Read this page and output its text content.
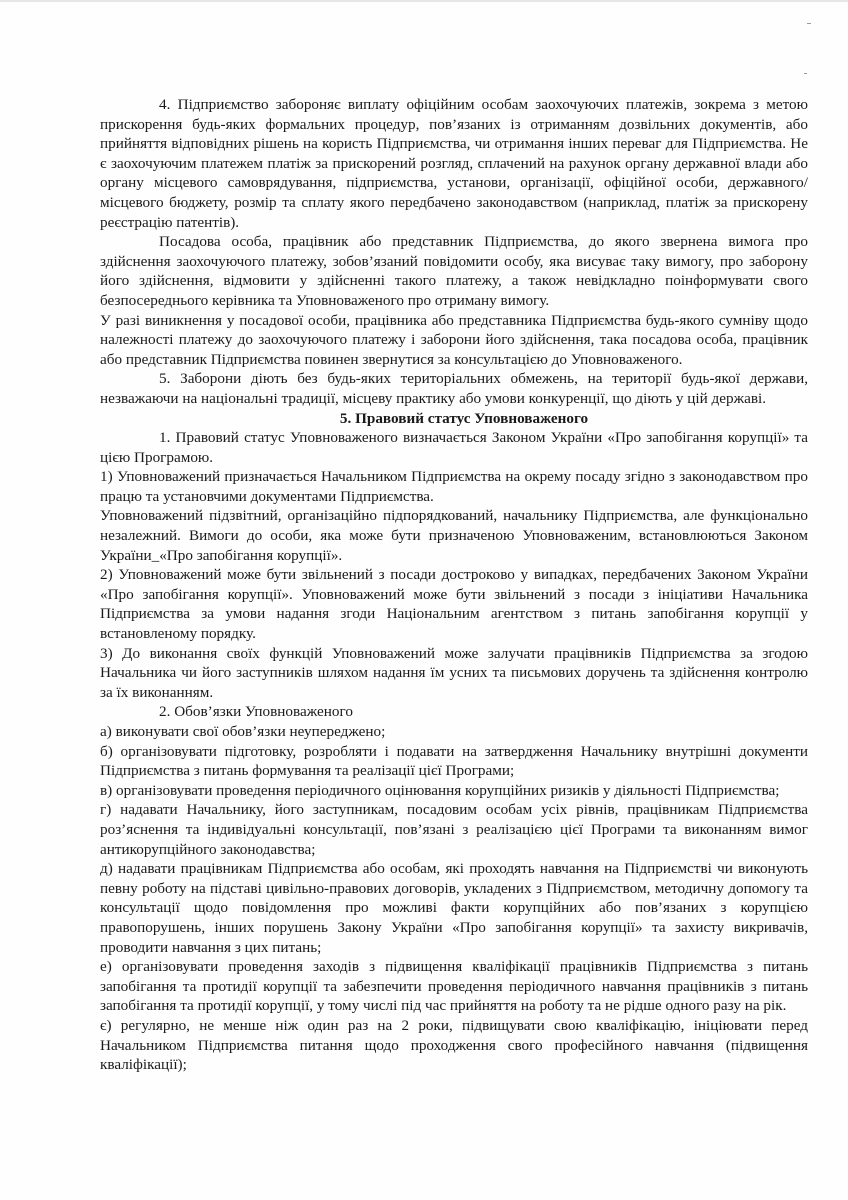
4. Підприємство забороняє виплату офіційним особам заохочуючих платежів, зокрема з метою прискорення будь-яких формальних процедур, пов’язаних із отриманням дозвільних документів, або прийняття відповідних рішень на користь Підприємства, чи отримання інших переваг для Підприємства. Не є заохочуючим платежем платіж за прискорений розгляд, сплачений на рахунок органу державної влади або органу місцевого самоврядування, підприємства, установи, організації, офіційної особи, державного/місцевого бюджету, розмір та сплату якого передбачено законодавством (наприклад, платіж за прискорену реєстрацію патентів).

Посадова особа, працівник або представник Підприємства, до якого звернена вимога про здійснення заохочуючого платежу, зобов’язаний повідомити особу, яка висуває таку вимогу, про заборону його здійснення, відмовити у здійсненні такого платежу, а також невідкладно поінформувати свого безпосереднього керівника та Уповноваженого про отриману вимогу.

У разі виникнення у посадової особи, працівника або представника Підприємства будь-якого сумніву щодо належності платежу до заохочуючого платежу і заборони його здійснення, така посадова особа, працівник або представник Підприємства повинен звернутися за консультацією до Уповноваженого.

5. Заборони діють без будь-яких територіальних обмежень, на території будь-якої держави, незважаючи на національні традиції, місцеву практику або умови конкуренції, що діють у цій державі.

5. Правовий статус Уповноваженого

1. Правовий статус Уповноваженого визначається Законом України «Про запобігання корупції» та цією Програмою.

1) Уповноважений призначається Начальником Підприємства на окрему посаду згідно з законодавством про працю та установчими документами Підприємства.

Уповноважений підзвітний, організаційно підпорядкований, начальнику Підприємства, але функціонально незалежний. Вимоги до особи, яка може бути призначеною Уповноваженим, встановлюються Законом України_«Про запобігання корупції».

2) Уповноважений може бути звільнений з посади достроково у випадках, передбачених Законом України «Про запобігання корупції». Уповноважений може бути звільнений з посади з ініціативи Начальника Підприємства за умови надання згоди Національним агентством з питань запобігання корупції у встановленому порядку.

3) До виконання своїх функцій Уповноважений може залучати працівників Підприємства за згодою Начальника чи його заступників шляхом надання їм усних та письмових доручень та здійснення контролю за їх виконанням.

2. Обов’язки Уповноваженого

а) виконувати свої обов’язки неупереджено;

б) організовувати підготовку, розробляти і подавати на затвердження Начальнику внутрішні документи Підприємства з питань формування та реалізації цієї Програми;

в) організовувати проведення періодичного оцінювання корупційних ризиків у діяльності Підприємства;

г) надавати Начальнику, його заступникам, посадовим особам усіх рівнів, працівникам Підприємства роз’яснення та індивідуальні консультації, пов’язані з реалізацією цієї Програми та виконанням вимог антикорупційного законодавства;

д) надавати працівникам Підприємства або особам, які проходять навчання на Підприємстві чи виконують певну роботу на підставі цивільно-правових договорів, укладених з Підприємством, методичну допомогу та консультації щодо повідомлення про можливі факти корупційних або пов’язаних з корупцією правопорушень, інших порушень Закону України «Про запобігання корупції» та захисту викривачів, проводити навчання з цих питань;

е) організовувати проведення заходів з підвищення кваліфікації працівників Підприємства з питань запобігання та протидії корупції та забезпечити проведення періодичного навчання працівників з питань запобігання та протидії корупції, у тому числі під час прийняття на роботу та не рідше одного разу на рік.

є) регулярно, не менше ніж один раз на 2 роки, підвищувати свою кваліфікацію, ініціювати перед Начальником Підприємства питання щодо проходження свого професійного навчання (підвищення кваліфікації);
